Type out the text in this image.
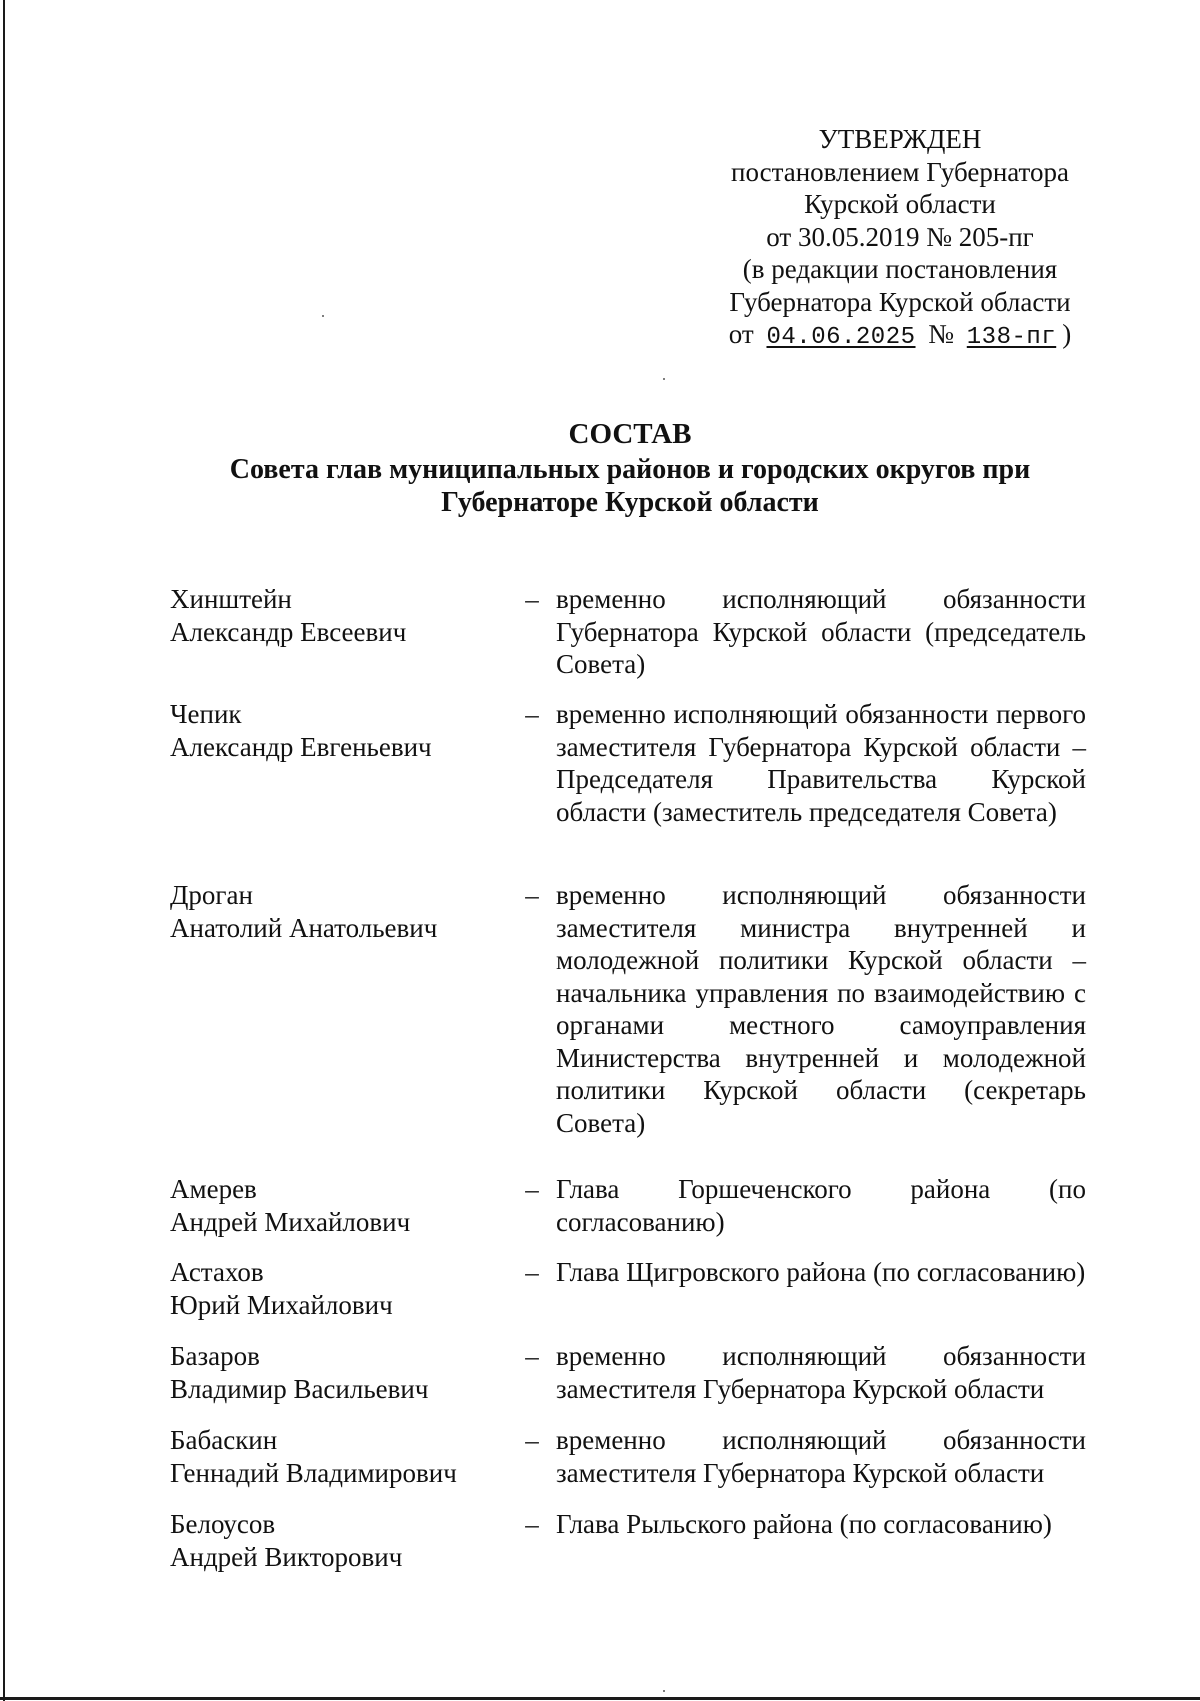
УТВЕРЖДЕН
постановлением Губернатора
Курской области
от 30.05.2019 № 205-пг
(в редакции постановления
Губернатора Курской области
от 04.06.2025 № 138-пг )
СОСТАВ
Совета глав муниципальных районов и городских округов при
Губернаторе Курской области
Хинштейн
Александр Евсеевич
– временно исполняющий обязанности Губернатора Курской области (председатель Совета)
Чепик
Александр Евгеньевич
– временно исполняющий обязанности первого заместителя Губернатора Курской области – Председателя Правительства Курской области (заместитель председателя Совета)
Дроган
Анатолий Анатольевич
– временно исполняющий обязанности заместителя министра внутренней и молодежной политики Курской области – начальника управления по взаимодействию с органами местного самоуправления Министерства внутренней и молодежной политики Курской области (секретарь Совета)
Амерев
Андрей Михайлович
– Глава Горшеченского района (по согласованию)
Астахов
Юрий Михайлович
– Глава Щигровского района (по согласованию)
Базаров
Владимир Васильевич
– временно исполняющий обязанности заместителя Губернатора Курской области
Бабаскин
Геннадий Владимирович
– временно исполняющий обязанности заместителя Губернатора Курской области
Белоусов
Андрей Викторович
– Глава Рыльского района (по согласованию)
